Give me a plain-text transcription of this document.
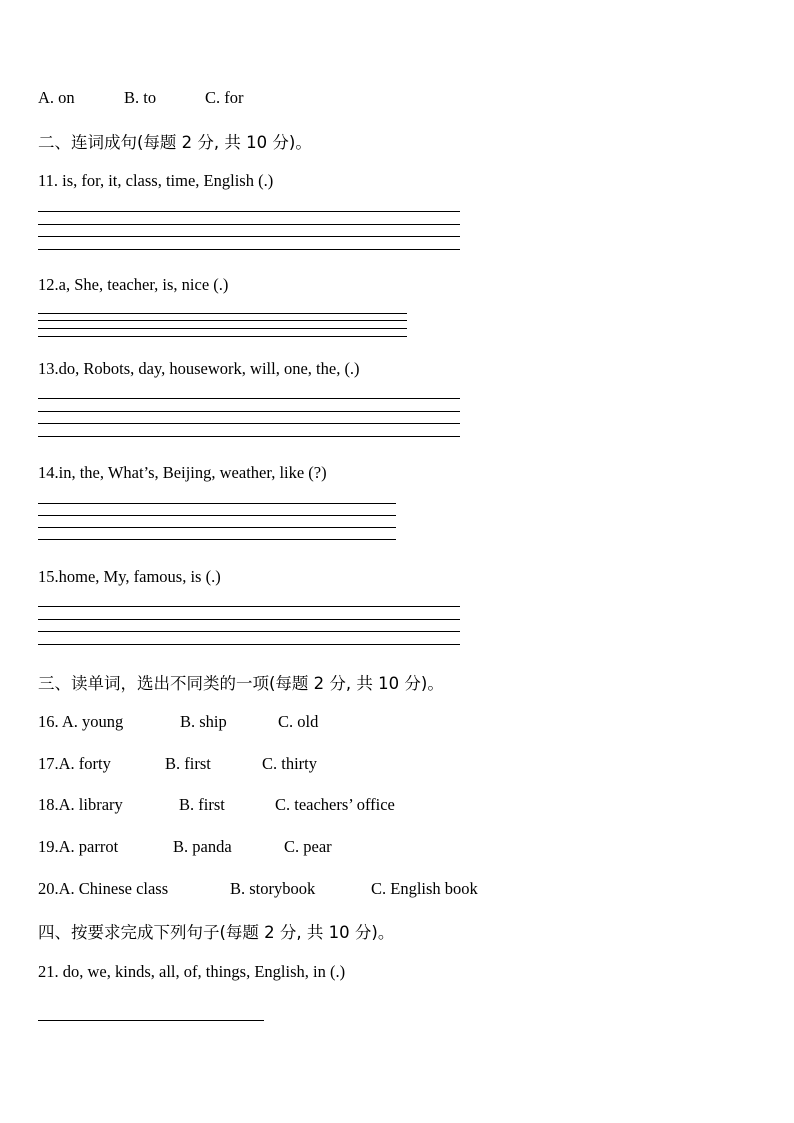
A. on	B. to	C. for
二、连词成句(每题 2 分, 共 10 分)。
11. is, for, it, class, time, English (.)
12.a, She, teacher, is, nice (.)
13.do, Robots, day, housework, will, one, the, (.)
14.in, the, What’s, Beijing, weather, like (?)
15.home, My, famous, is (.)
三、读单词，选出不同类的一项(每题 2 分, 共 10 分)。
16. A. young	B. ship	C. old
17.A. forty	B. first	C. thirty
18.A. library	B. first	C. teachers’ office
19.A. parrot	B. panda	C. pear
20.A. Chinese class	B. storybook	C. English book
四、按要求完成下列句子(每题 2 分, 共 10 分)。
21. do, we, kinds, all, of, things, English, in (.)
